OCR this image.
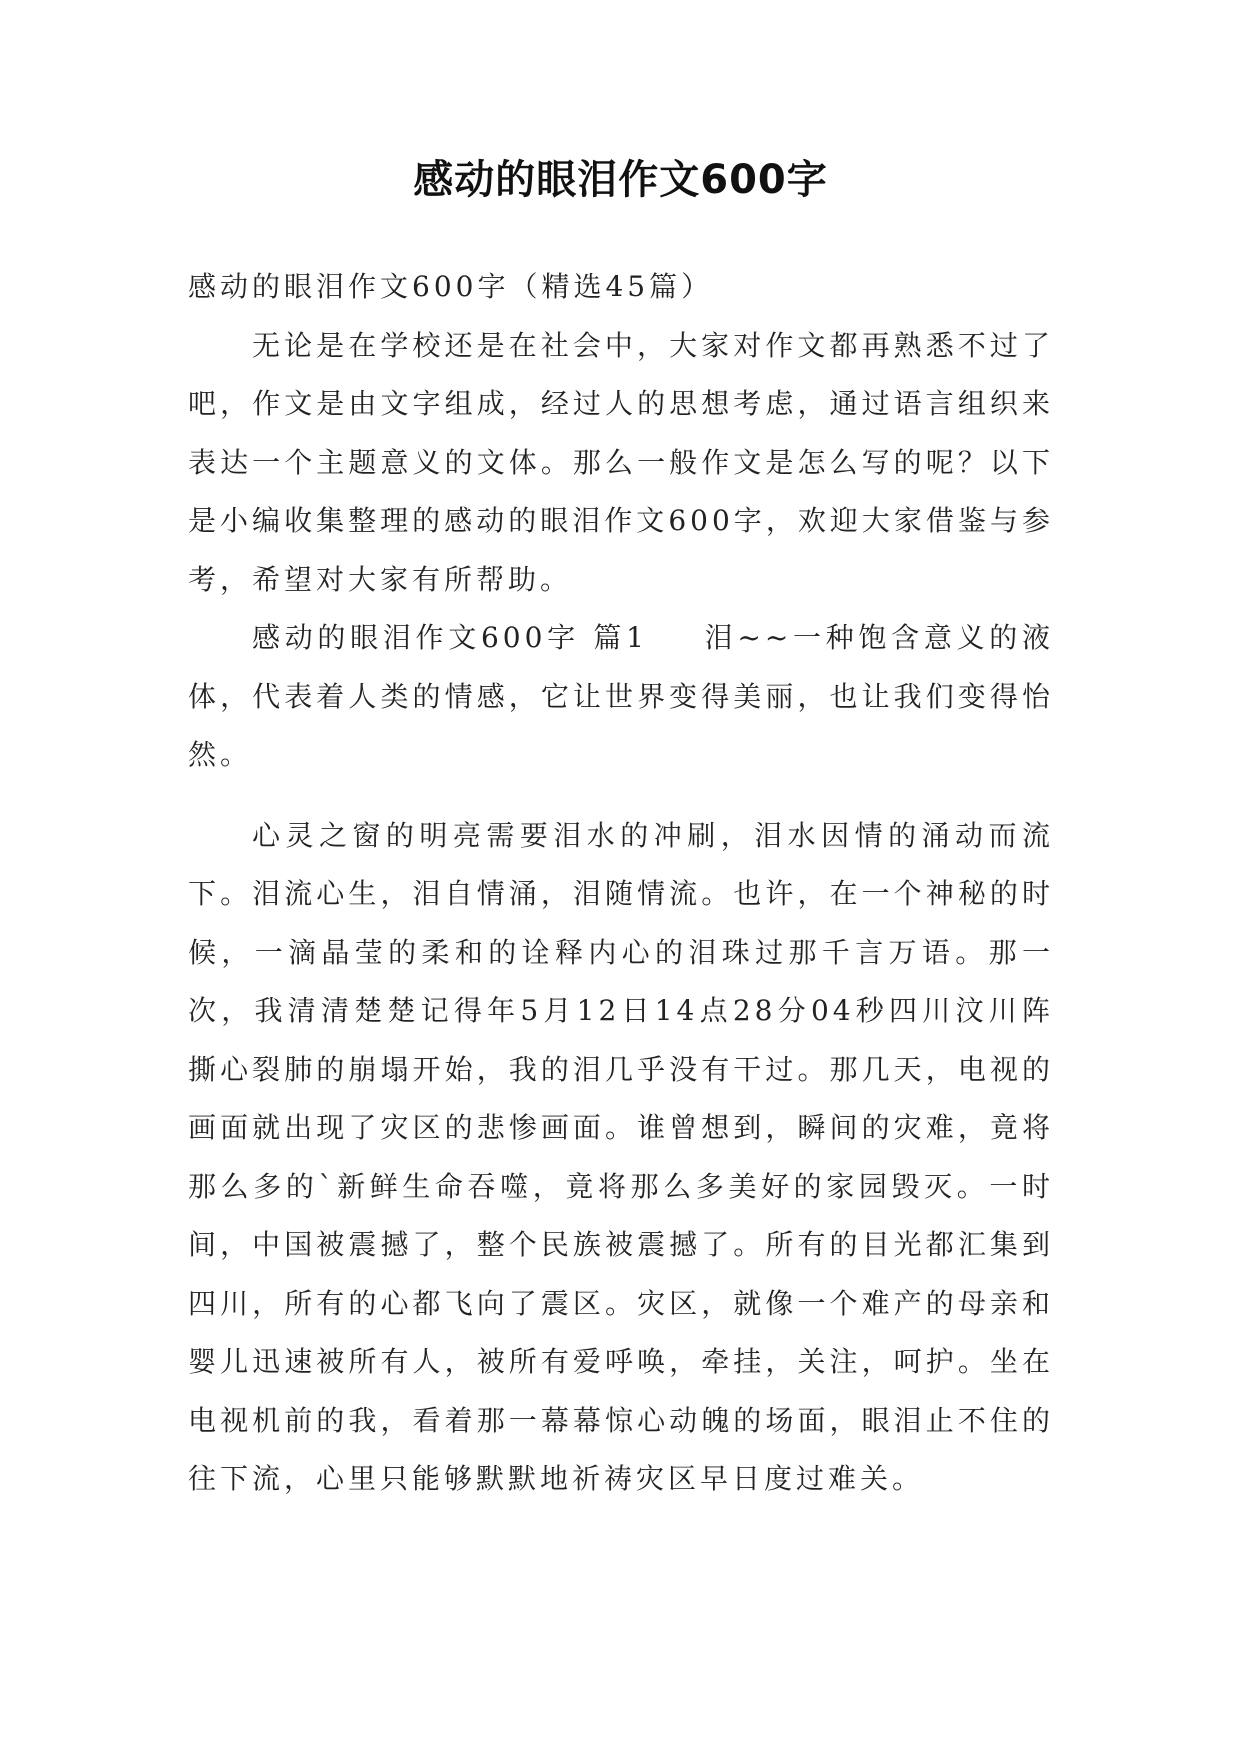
感动的眼泪作文600字

感动的眼泪作文600字（精选45篇）

无论是在学校还是在社会中，大家对作文都再熟悉不过了吧，作文是由文字组成，经过人的思想考虑，通过语言组织来表达一个主题意义的文体。那么一般作文是怎么写的呢？以下是小编收集整理的感动的眼泪作文600字，欢迎大家借鉴与参考，希望对大家有所帮助。

感动的眼泪作文600字 篇1 泪~~一种饱含意义的液体，代表着人类的情感，它让世界变得美丽，也让我们变得怡然。

心灵之窗的明亮需要泪水的冲刷，泪水因情的涌动而流下。泪流心生，泪自情涌，泪随情流。也许，在一个神秘的时候，一滴晶莹的柔和的诠释内心的泪珠过那千言万语。那一次，我清清楚楚记得年5月12日14点28分04秒四川汶川阵撕心裂肺的崩塌开始，我的泪几乎没有干过。那几天，电视的画面就出现了灾区的悲惨画面。谁曾想到，瞬间的灾难，竟将那么多的`新鲜生命吞噬，竟将那么多美好的家园毁灭。一时间，中国被震撼了，整个民族被震撼了。所有的目光都汇集到四川，所有的心都飞向了震区。灾区，就像一个难产的母亲和婴儿迅速被所有人，被所有爱呼唤，牵挂，关注，呵护。坐在电视机前的我，看着那一幕幕惊心动魄的场面，眼泪止不住的往下流，心里只能够默默地祈祷灾区早日度过难关。
